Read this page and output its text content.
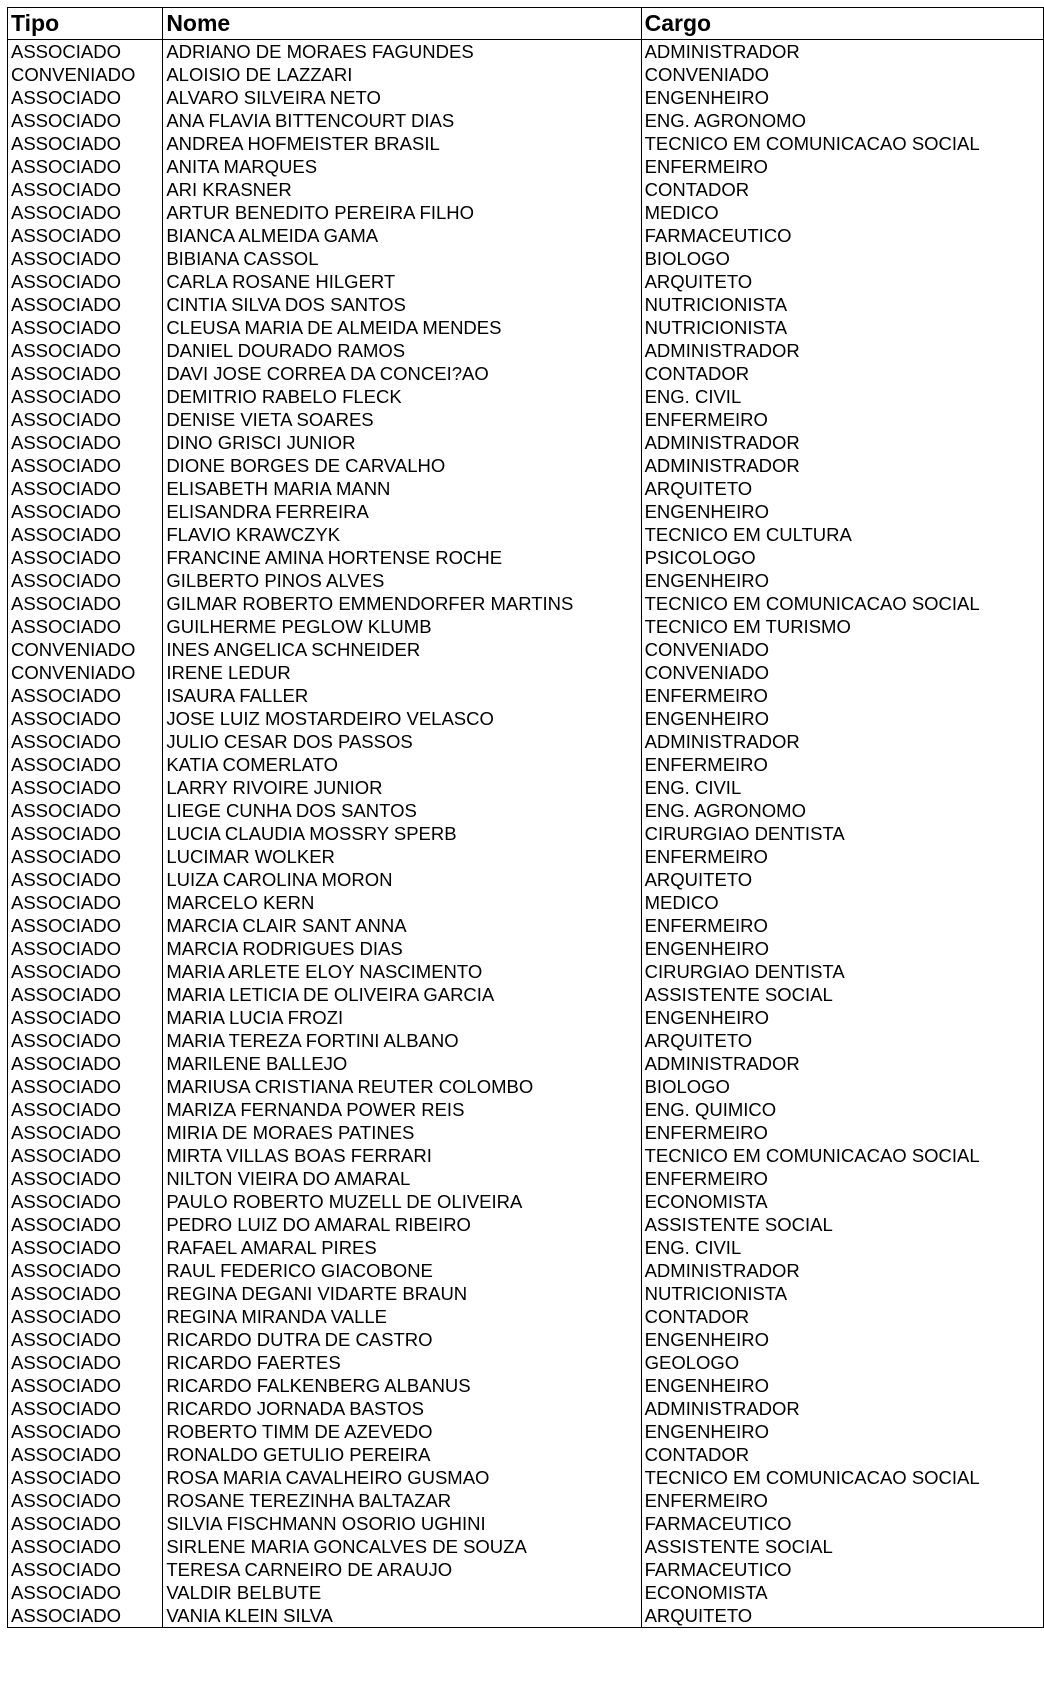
Tipo	Nome	Cargo
ASSOCIADO	ADRIANO DE MORAES FAGUNDES	ADMINISTRADOR
CONVENIADO	ALOISIO DE LAZZARI	CONVENIADO
ASSOCIADO	ALVARO SILVEIRA NETO	ENGENHEIRO
ASSOCIADO	ANA FLAVIA BITTENCOURT DIAS	ENG. AGRONOMO
ASSOCIADO	ANDREA HOFMEISTER BRASIL	TECNICO EM COMUNICACAO SOCIAL
ASSOCIADO	ANITA MARQUES	ENFERMEIRO
ASSOCIADO	ARI KRASNER	CONTADOR
ASSOCIADO	ARTUR BENEDITO PEREIRA FILHO	MEDICO
ASSOCIADO	BIANCA ALMEIDA GAMA	FARMACEUTICO
ASSOCIADO	BIBIANA CASSOL	BIOLOGO
ASSOCIADO	CARLA ROSANE HILGERT	ARQUITETO
ASSOCIADO	CINTIA SILVA DOS SANTOS	NUTRICIONISTA
ASSOCIADO	CLEUSA MARIA DE ALMEIDA MENDES	NUTRICIONISTA
ASSOCIADO	DANIEL DOURADO RAMOS	ADMINISTRADOR
ASSOCIADO	DAVI JOSE CORREA DA CONCEI?AO	CONTADOR
ASSOCIADO	DEMITRIO RABELO FLECK	ENG. CIVIL
ASSOCIADO	DENISE VIETA SOARES	ENFERMEIRO
ASSOCIADO	DINO GRISCI JUNIOR	ADMINISTRADOR
ASSOCIADO	DIONE BORGES DE CARVALHO	ADMINISTRADOR
ASSOCIADO	ELISABETH MARIA MANN	ARQUITETO
ASSOCIADO	ELISANDRA FERREIRA	ENGENHEIRO
ASSOCIADO	FLAVIO KRAWCZYK	TECNICO EM CULTURA
ASSOCIADO	FRANCINE AMINA HORTENSE ROCHE	PSICOLOGO
ASSOCIADO	GILBERTO PINOS ALVES	ENGENHEIRO
ASSOCIADO	GILMAR ROBERTO EMMENDORFER MARTINS	TECNICO EM COMUNICACAO SOCIAL
ASSOCIADO	GUILHERME PEGLOW KLUMB	TECNICO EM TURISMO
CONVENIADO	INES ANGELICA SCHNEIDER	CONVENIADO
CONVENIADO	IRENE LEDUR	CONVENIADO
ASSOCIADO	ISAURA FALLER	ENFERMEIRO
ASSOCIADO	JOSE LUIZ MOSTARDEIRO VELASCO	ENGENHEIRO
ASSOCIADO	JULIO CESAR DOS PASSOS	ADMINISTRADOR
ASSOCIADO	KATIA COMERLATO	ENFERMEIRO
ASSOCIADO	LARRY RIVOIRE JUNIOR	ENG. CIVIL
ASSOCIADO	LIEGE CUNHA DOS SANTOS	ENG. AGRONOMO
ASSOCIADO	LUCIA CLAUDIA MOSSRY SPERB	CIRURGIAO DENTISTA
ASSOCIADO	LUCIMAR WOLKER	ENFERMEIRO
ASSOCIADO	LUIZA CAROLINA MORON	ARQUITETO
ASSOCIADO	MARCELO KERN	MEDICO
ASSOCIADO	MARCIA CLAIR SANT ANNA	ENFERMEIRO
ASSOCIADO	MARCIA RODRIGUES DIAS	ENGENHEIRO
ASSOCIADO	MARIA ARLETE ELOY NASCIMENTO	CIRURGIAO DENTISTA
ASSOCIADO	MARIA LETICIA DE OLIVEIRA GARCIA	ASSISTENTE SOCIAL
ASSOCIADO	MARIA LUCIA FROZI	ENGENHEIRO
ASSOCIADO	MARIA TEREZA FORTINI ALBANO	ARQUITETO
ASSOCIADO	MARILENE BALLEJO	ADMINISTRADOR
ASSOCIADO	MARIUSA CRISTIANA REUTER COLOMBO	BIOLOGO
ASSOCIADO	MARIZA FERNANDA POWER REIS	ENG. QUIMICO
ASSOCIADO	MIRIA DE MORAES PATINES	ENFERMEIRO
ASSOCIADO	MIRTA VILLAS BOAS FERRARI	TECNICO EM COMUNICACAO SOCIAL
ASSOCIADO	NILTON VIEIRA DO AMARAL	ENFERMEIRO
ASSOCIADO	PAULO ROBERTO MUZELL DE OLIVEIRA	ECONOMISTA
ASSOCIADO	PEDRO LUIZ DO AMARAL RIBEIRO	ASSISTENTE SOCIAL
ASSOCIADO	RAFAEL AMARAL PIRES	ENG. CIVIL
ASSOCIADO	RAUL FEDERICO GIACOBONE	ADMINISTRADOR
ASSOCIADO	REGINA DEGANI VIDARTE BRAUN	NUTRICIONISTA
ASSOCIADO	REGINA MIRANDA VALLE	CONTADOR
ASSOCIADO	RICARDO DUTRA DE CASTRO	ENGENHEIRO
ASSOCIADO	RICARDO FAERTES	GEOLOGO
ASSOCIADO	RICARDO FALKENBERG ALBANUS	ENGENHEIRO
ASSOCIADO	RICARDO JORNADA BASTOS	ADMINISTRADOR
ASSOCIADO	ROBERTO TIMM DE AZEVEDO	ENGENHEIRO
ASSOCIADO	RONALDO GETULIO PEREIRA	CONTADOR
ASSOCIADO	ROSA MARIA CAVALHEIRO GUSMAO	TECNICO EM COMUNICACAO SOCIAL
ASSOCIADO	ROSANE TEREZINHA BALTAZAR	ENFERMEIRO
ASSOCIADO	SILVIA FISCHMANN OSORIO UGHINI	FARMACEUTICO
ASSOCIADO	SIRLENE MARIA GONCALVES DE SOUZA	ASSISTENTE SOCIAL
ASSOCIADO	TERESA CARNEIRO DE ARAUJO	FARMACEUTICO
ASSOCIADO	VALDIR BELBUTE	ECONOMISTA
ASSOCIADO	VANIA KLEIN SILVA	ARQUITETO
